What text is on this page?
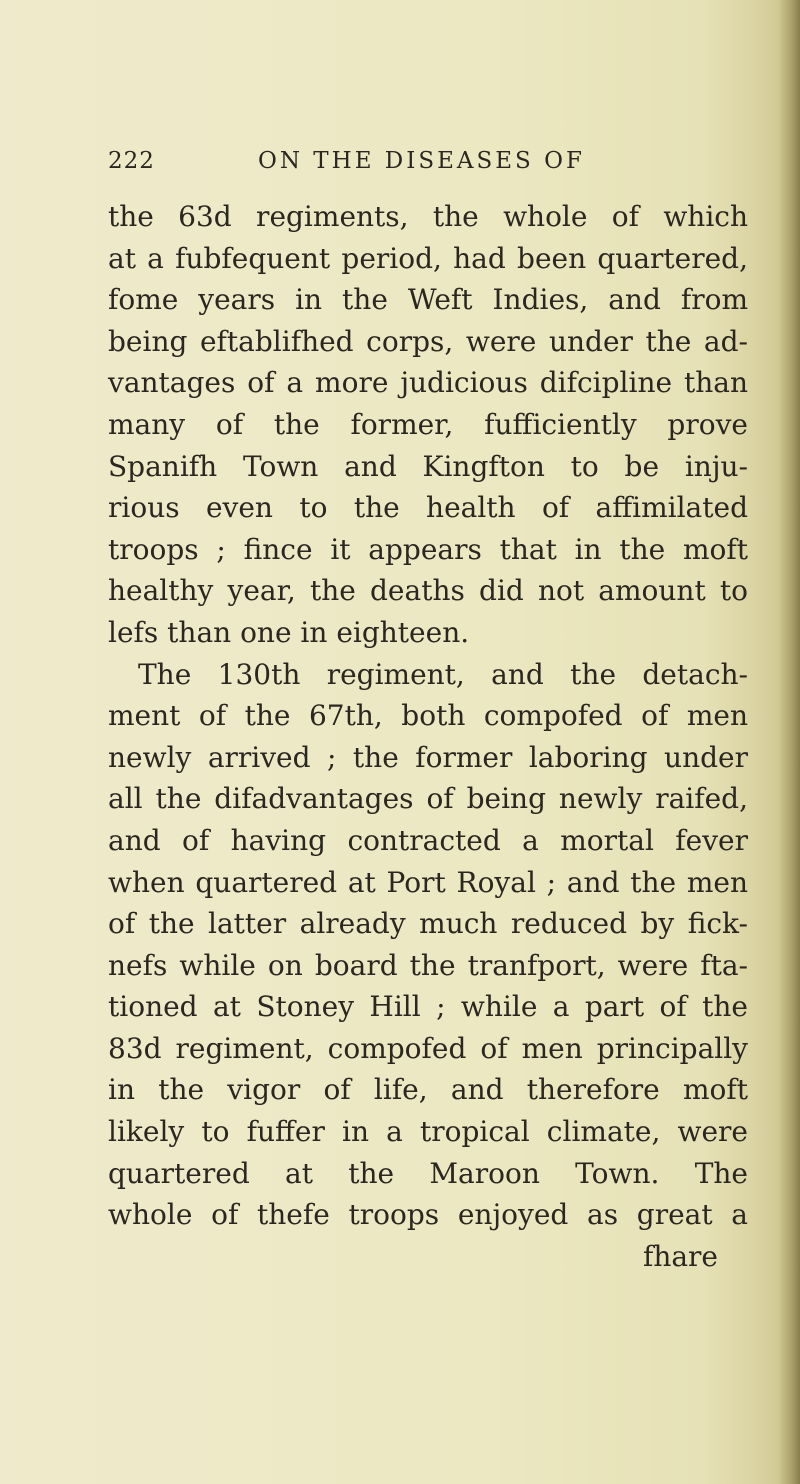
222	ON THE DISEASES OF
the 63d regiments, the whole of which
at a fubfequent period, had been quartered,
fome years in the Weft Indies, and from
being eftablifhed corps, were under the ad-
vantages of a more judicious difcipline than
many of the former, fufficiently prove
Spanifh Town and Kingfton to be inju-
rious even to the health of affimilated
troops ; fince it appears that in the moft
healthy year, the deaths did not amount to
lefs than one in eighteen.
The 130th regiment, and the detach-
ment of the 67th, both compofed of men
newly arrived ; the former laboring under
all the difadvantages of being newly raifed,
and of having contracted a mortal fever
when quartered at Port Royal ; and the men
of the latter already much reduced by fick-
nefs while on board the tranfport, were fta-
tioned at Stoney Hill ; while a part of the
83d regiment, compofed of men principally
in the vigor of life, and therefore moft
likely to fuffer in a tropical climate, were
quartered at the Maroon Town. The
whole of thefe troops enjoyed as great a
fhare
